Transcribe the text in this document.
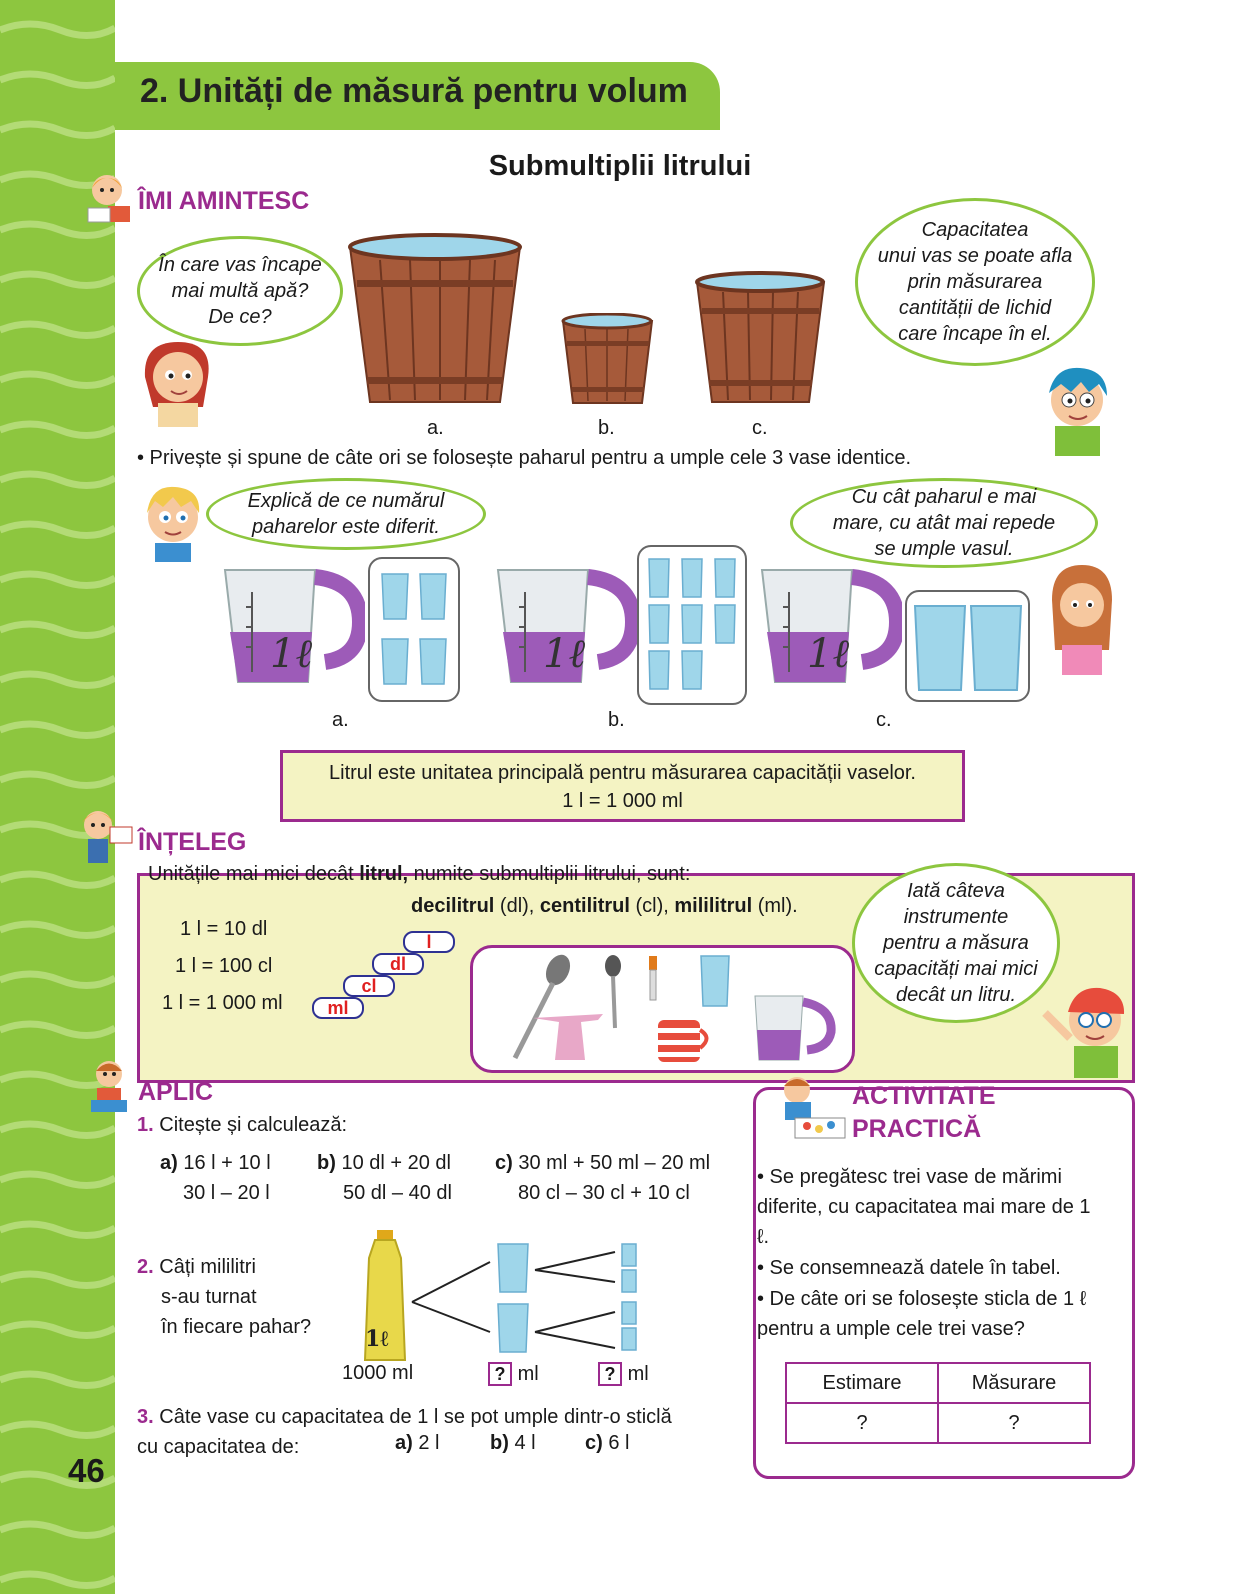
2. Unități de măsură pentru volum
Submultiplii litrului
ÎMI AMINTESC
În care vas încape
mai multă apă?
De ce?
a.	b.	c.
Capacitatea
unui vas se poate afla
prin măsurarea
cantității de lichid
care încape în el.
• Privește și spune de câte ori se folosește paharul pentru a umple cele 3 vase identice.
Explică de ce numărul
paharelor este diferit.
Cu cât paharul e mai
mare, cu atât mai repede
se umple vasul.
1ℓ	1ℓ	1ℓ
a.	b.	c.
Litrul este unitatea principală pentru măsurarea capacității vaselor.
1 l = 1 000 ml
ÎNȚELEG
Unitățile mai mici decât litrul, numite submultiplii litrului, sunt:
decilitrul (dl), centilitrul (cl), mililitrul (ml).
1 l = 10 dl
1 l = 100 cl
1 l = 1 000 ml
l
dl
cl
ml
Iată câteva
instrumente
pentru a măsura
capacități mai mici
decât un litru.
APLIC
1. Citește și calculează:
a) 16 l + 10 l
30 l – 20 l
b) 10 dl + 20 dl
50 dl – 40 dl
c) 30 ml + 50 ml – 20 ml
80 cl – 30 cl + 10 cl
2. Câți mililitri
s-au turnat
în fiecare pahar? 1ℓ
1000 ml	? ml	? ml
3. Câte vase cu capacitatea de 1 l se pot umple dintr-o sticlă
cu capacitatea de:	a) 2 l	b) 4 l c) 6 l
ACTIVITATE
PRACTICĂ
• Se pregătesc trei vase de mărimi diferite, cu capacitatea mai mare de 1 ℓ.
• Se consemnează datele în tabel.
• De câte ori se folosește sticla de 1 ℓ pentru a umple cele trei vase?
Estimare	Măsurare
?	?
46
